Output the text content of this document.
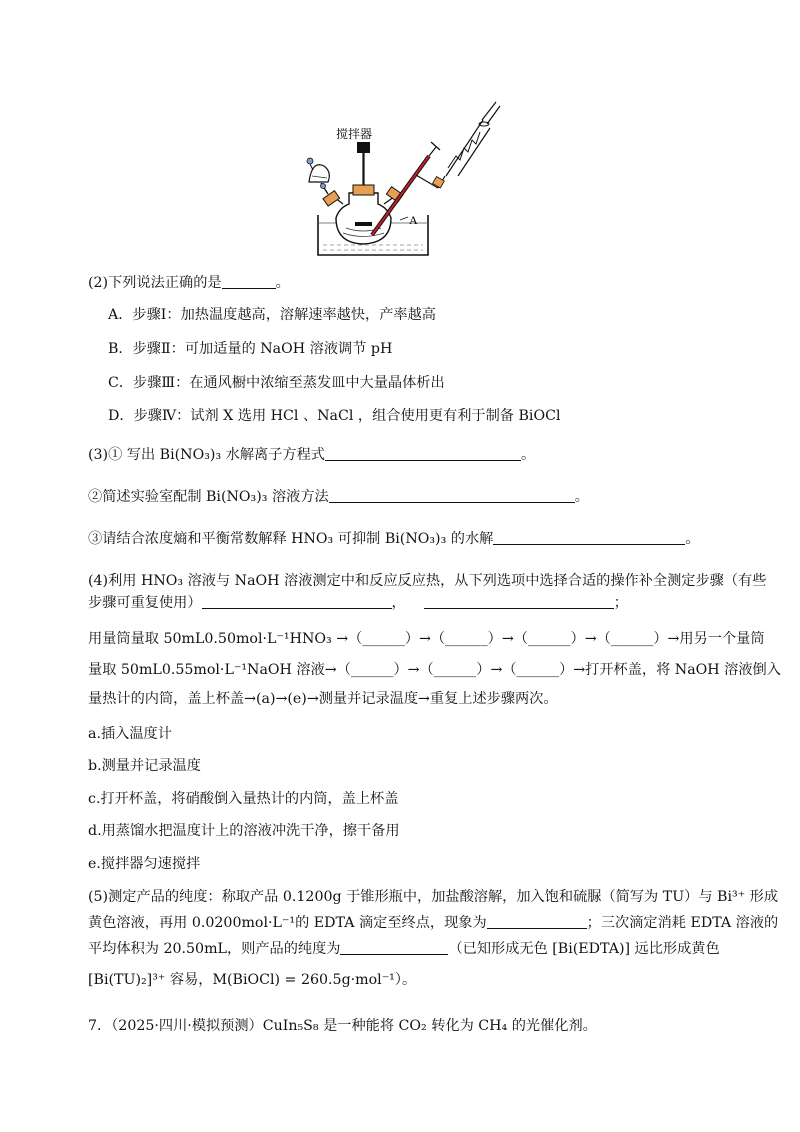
搅拌器
A
(2)下列说法正确的是	。
A．步骤Ⅰ：加热温度越高，溶解速率越快，产率越高
B．步骤Ⅱ：可加适量的 NaOH 溶液调节 pH
C．步骤Ⅲ：在通风橱中浓缩至蒸发皿中大量晶体析出
D．步骤Ⅳ：试剂 X 选用 HCl 、NaCl ，组合使用更有利于制备 BiOCl
(3)① 写出 Bi(NO₃)₃ 水解离子方程式	。
②简述实验室配制 Bi(NO₃)₃ 溶液方法	。
③请结合浓度熵和平衡常数解释 HNO₃ 可抑制 Bi(NO₃)₃ 的水解	。
(4)利用 HNO₃ 溶液与 NaOH 溶液测定中和反应反应热，从下列选项中选择合适的操作补全测定步骤（有些
步骤可重复使用）	，	；
用量筒量取 50mL0.50mol·L⁻¹HNO₃ →（______）→（______）→（______）→（______）→用另一个量筒
量取 50mL0.55mol·L⁻¹NaOH 溶液→（______）→（______）→（______）→打开杯盖，将 NaOH 溶液倒入
量热计的内筒，盖上杯盖→(a)→(e)→测量并记录温度→重复上述步骤两次。
a.插入温度计
b.测量并记录温度
c.打开杯盖，将硝酸倒入量热计的内筒，盖上杯盖
d.用蒸馏水把温度计上的溶液冲洗干净，擦干备用
e.搅拌器匀速搅拌
(5)测定产品的纯度：称取产品 0.1200g 于锥形瓶中，加盐酸溶解，加入饱和硫脲（简写为 TU）与 Bi³⁺ 形成
黄色溶液，再用 0.0200mol·L⁻¹的 EDTA 滴定至终点，现象为	；三次滴定消耗 EDTA 溶液的
平均体积为 20.50mL，则产品的纯度为	（已知形成无色 [Bi(EDTA)] 远比形成黄色
[Bi(TU)₂]³⁺ 容易，M(BiOCl) = 260.5g·mol⁻¹）。
7．（2025·四川·模拟预测）CuIn₅S₈ 是一种能将 CO₂ 转化为 CH₄ 的光催化剂。
